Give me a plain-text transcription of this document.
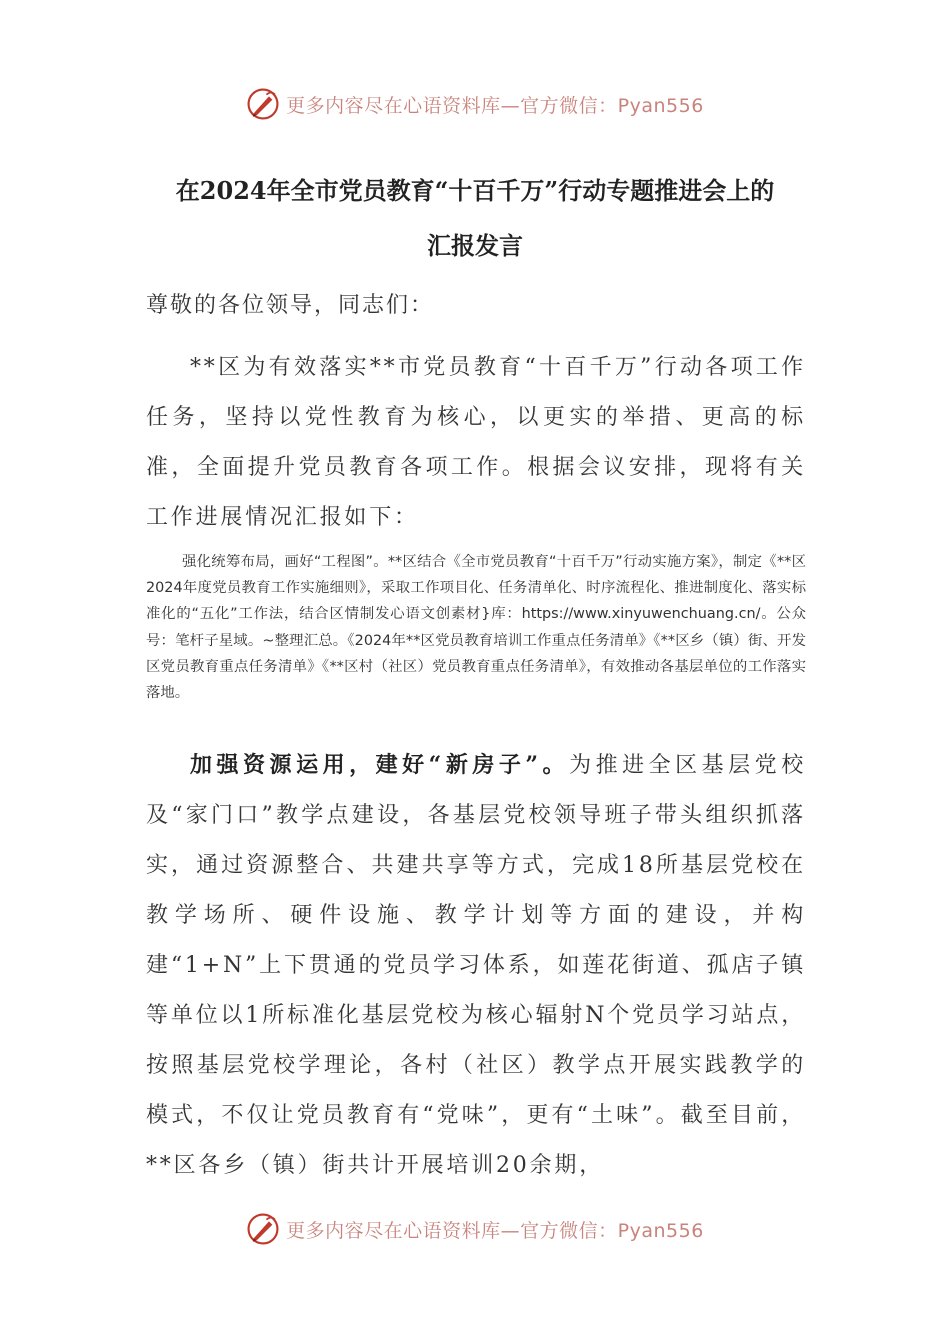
更多内容尽在心语资料库—官方微信：Pyan556
在2024年全市党员教育“十百千万”行动专题推进会上的
汇报发言
尊敬的各位领导，同志们：
**区为有效落实**市党员教育“十百千万”行动各项工作任务，坚持以党性教育为核心，以更实的举措、更高的标准，全面提升党员教育各项工作。根据会议安排，现将有关工作进展情况汇报如下：
强化统筹布局，画好“工程图”。**区结合《全市党员教育“十百千万”行动实施方案》，制定《**区2024年度党员教育工作实施细则》，采取工作项目化、任务清单化、时序流程化、推进制度化、落实标准化的“五化”工作法，结合区情制发心语文创素材}库：https://www.xinyuwenchuang.cn/。公众号：笔杆子星域。~整理汇总。《2024年**区党员教育培训工作重点任务清单》《**区乡（镇）街、开发区党员教育重点任务清单》《**区村（社区）党员教育重点任务清单》，有效推动各基层单位的工作落实落地。
加强资源运用，建好“新房子”。为推进全区基层党校及“家门口”教学点建设，各基层党校领导班子带头组织抓落实，通过资源整合、共建共享等方式，完成18所基层党校在教学场所、硬件设施、教学计划等方面的建设，并构建“1+N”上下贯通的党员学习体系，如莲花街道、孤店子镇等单位以1所标准化基层党校为核心辐射N个党员学习站点，按照基层党校学理论，各村（社区）教学点开展实践教学的模式，不仅让党员教育有“党味”，更有“土味”。截至目前，**区各乡（镇）街共计开展培训20余期，
更多内容尽在心语资料库—官方微信：Pyan556
